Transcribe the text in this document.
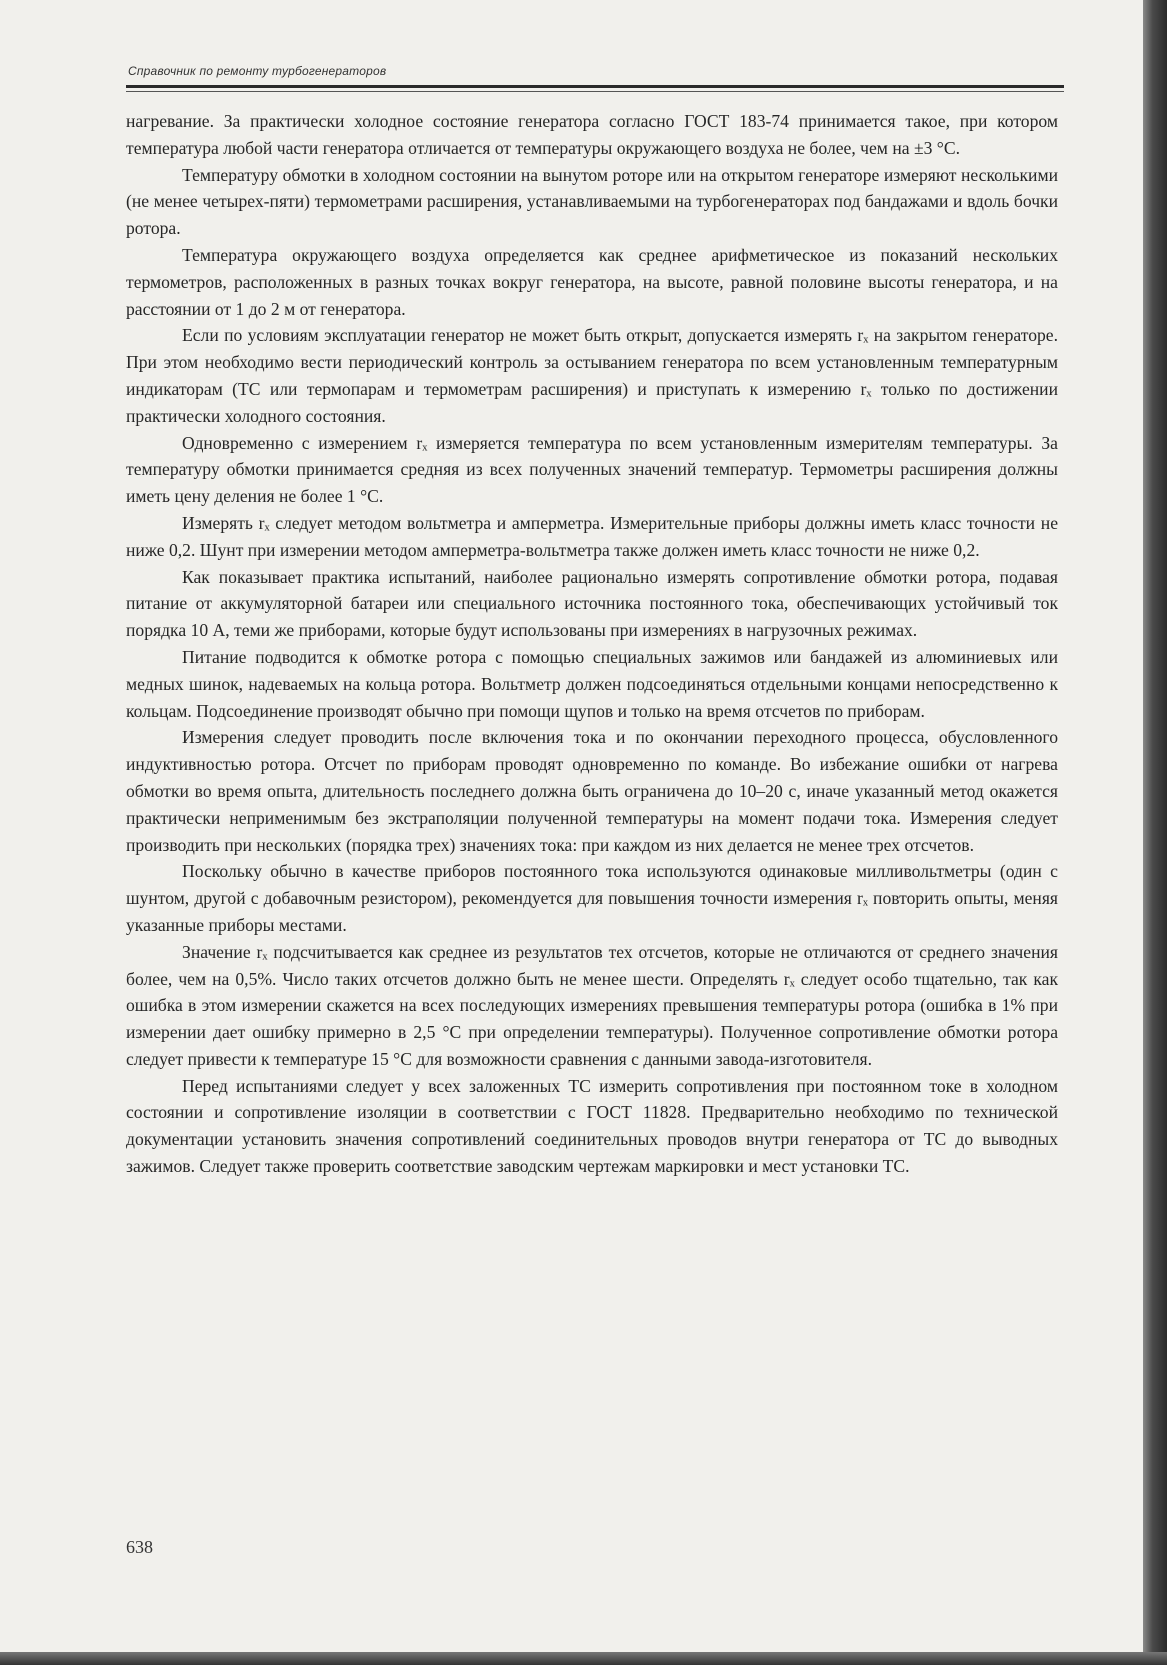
Справочник по ремонту турбогенераторов

нагревание. За практически холодное состояние генератора согласно ГОСТ 183-74 принимается такое, при котором температура любой части генератора отличается от температуры окружающего воздуха не более, чем на ±3 °С.

Температуру обмотки в холодном состоянии на вынутом роторе или на открытом генераторе измеряют несколькими (не менее четырех-пяти) термометрами расширения, устанавливаемыми на турбогенераторах под бандажами и вдоль бочки ротора.

Температура окружающего воздуха определяется как среднее арифметическое из показаний нескольких термометров, расположенных в разных точках вокруг генератора, на высоте, равной половине высоты генератора, и на расстоянии от 1 до 2 м от генератора.

Если по условиям эксплуатации генератор не может быть открыт, допускается измерять rₓ на закрытом генераторе. При этом необходимо вести периодический контроль за остыванием генератора по всем установленным температурным индикаторам (ТС или термопарам и термометрам расширения) и приступать к измерению rₓ только по достижении практически холодного состояния.

Одновременно с измерением rₓ измеряется температура по всем установленным измерителям температуры. За температуру обмотки принимается средняя из всех полученных значений температур. Термометры расширения должны иметь цену деления не более 1 °С.

Измерять rₓ следует методом вольтметра и амперметра. Измерительные приборы должны иметь класс точности не ниже 0,2. Шунт при измерении методом амперметра-вольтметра также должен иметь класс точности не ниже 0,2.

Как показывает практика испытаний, наиболее рационально измерять сопротивление обмотки ротора, подавая питание от аккумуляторной батареи или специального источника постоянного тока, обеспечивающих устойчивый ток порядка 10 А, теми же приборами, которые будут использованы при измерениях в нагрузочных режимах.

Питание подводится к обмотке ротора с помощью специальных зажимов или бандажей из алюминиевых или медных шинок, надеваемых на кольца ротора. Вольтметр должен подсоединяться отдельными концами непосредственно к кольцам. Подсоединение производят обычно при помощи щупов и только на время отсчетов по приборам.

Измерения следует проводить после включения тока и по окончании переходного процесса, обусловленного индуктивностью ротора. Отсчет по приборам проводят одновременно по команде. Во избежание ошибки от нагрева обмотки во время опыта, длительность последнего должна быть ограничена до 10–20 с, иначе указанный метод окажется практически неприменимым без экстраполяции полученной температуры на момент подачи тока. Измерения следует производить при нескольких (порядка трех) значениях тока: при каждом из них делается не менее трех отсчетов.

Поскольку обычно в качестве приборов постоянного тока используются одинаковые милливольтметры (один с шунтом, другой с добавочным резистором), рекомендуется для повышения точности измерения rₓ повторить опыты, меняя указанные приборы местами.

Значение rₓ подсчитывается как среднее из результатов тех отсчетов, которые не отличаются от среднего значения более, чем на 0,5%. Число таких отсчетов должно быть не менее шести. Определять rₓ следует особо тщательно, так как ошибка в этом измерении скажется на всех последующих измерениях превышения температуры ротора (ошибка в 1% при измерении дает ошибку примерно в 2,5 °С при определении температуры). Полученное сопротивление обмотки ротора следует привести к температуре 15 °С для возможности сравнения с данными завода-изготовителя.

Перед испытаниями следует у всех заложенных ТС измерить сопротивления при постоянном токе в холодном состоянии и сопротивление изоляции в соответствии с ГОСТ 11828. Предварительно необходимо по технической документации установить значения сопротивлений соединительных проводов внутри генератора от ТС до выводных зажимов. Следует также проверить соответствие заводским чертежам маркировки и мест установки ТС.

638
